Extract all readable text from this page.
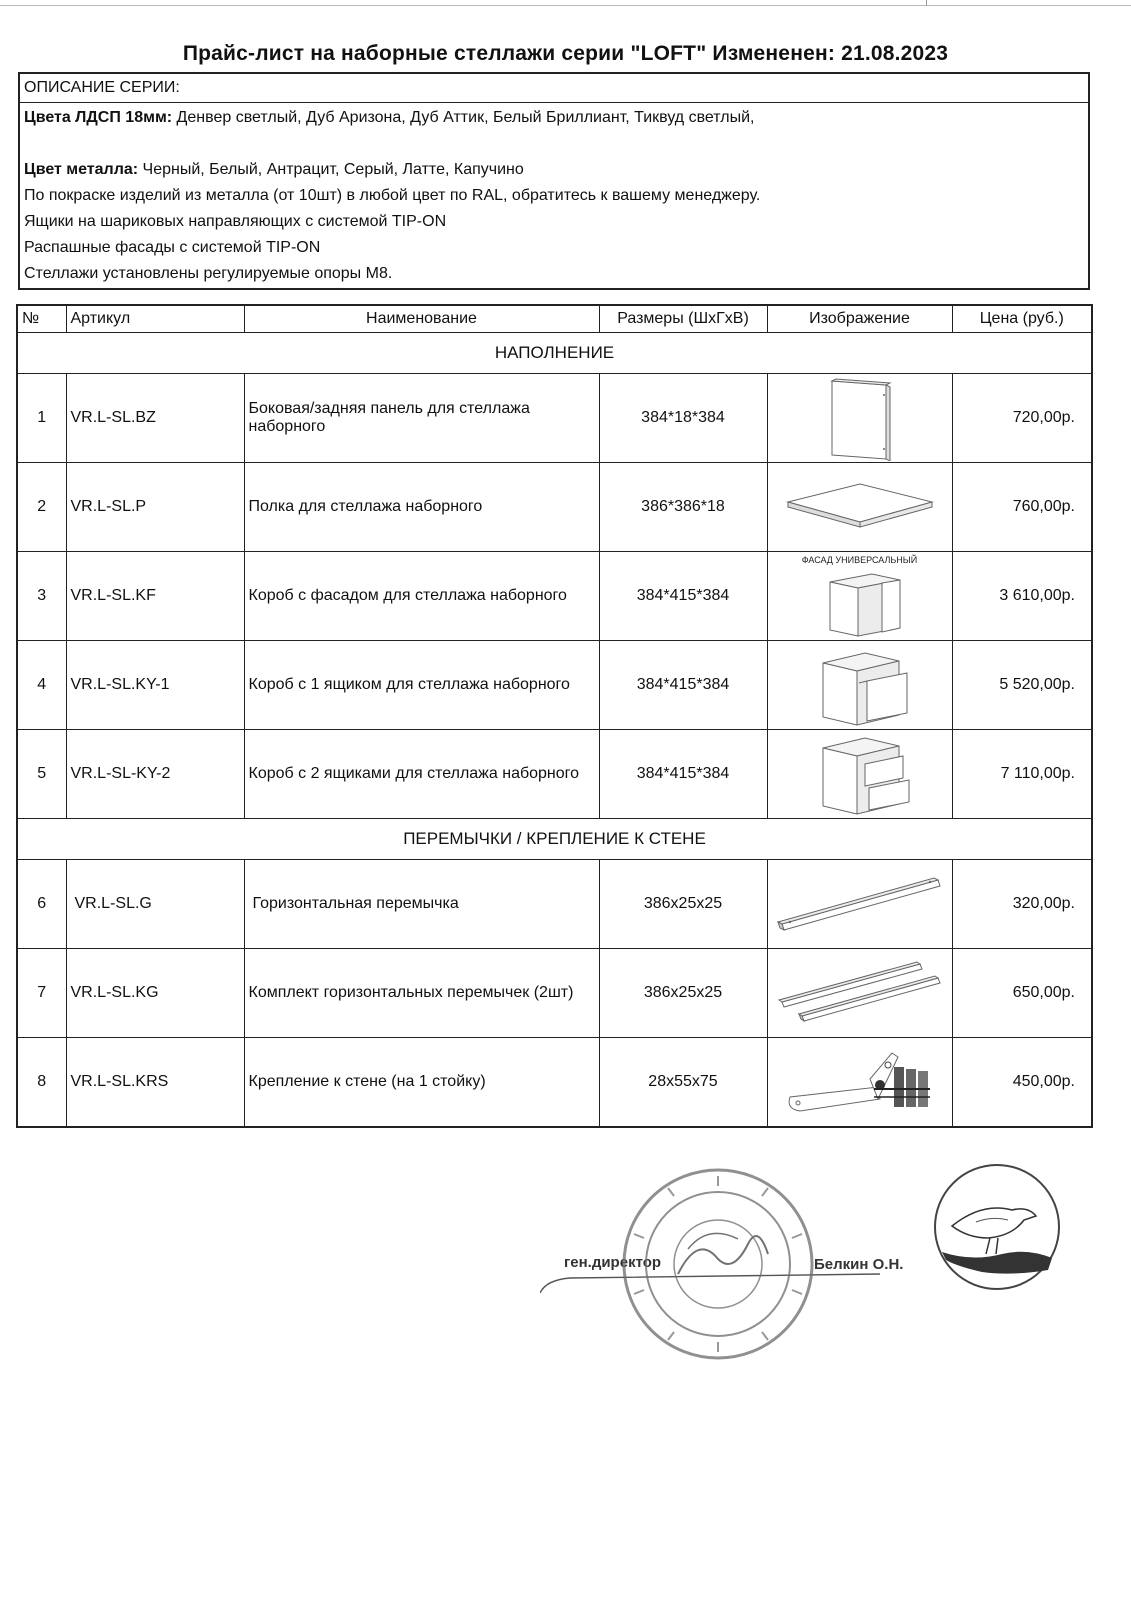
Прайс-лист на наборные стеллажи серии "LOFT" Измененен: 21.08.2023
ОПИСАНИЕ СЕРИИ:
Цвета ЛДСП 18мм: Денвер светлый, Дуб Аризона, Дуб Аттик, Белый Бриллиант, Тиквуд светлый,
Цвет металла: Черный, Белый, Антрацит, Серый, Латте, Капучино
По покраске изделий из металла (от 10шт) в любой цвет по RAL, обратитесь к вашему менеджеру.
Ящики на шариковых направляющих с системой TIP-ON
Распашные фасады с системой TIP-ON
Стеллажи установлены регулируемые опоры М8.
№	Артикул	Наименование	Размеры (ШхГхВ)	Изображение	Цена (руб.)
НАПОЛНЕНИЕ					
1	VR.L-SL.BZ	Боковая/задняя панель для стеллажа наборного	384*18*384		720,00р.
2	VR.L-SL.P	Полка для стеллажа наборного	386*386*18		760,00р.
3	VR.L-SL.KF	Короб с фасадом для стеллажа наборного	384*415*384	ФАСАД УНИВЕРСАЛЬНЫЙ	3 610,00р.
4	VR.L-SL.KY-1	Короб с 1 ящиком для стеллажа наборного	384*415*384		5 520,00р.
5	VR.L-SL-KY-2	Короб с 2 ящиками для стеллажа наборного	384*415*384		7 110,00р.
ПЕРЕМЫЧКИ / КРЕПЛЕНИЕ К СТЕНЕ					
6	VR.L-SL.G	Горизонтальная перемычка	386x25x25		320,00р.
7	VR.L-SL.KG	Комплект горизонтальных перемычек (2шт)	386x25x25		650,00р.
8	VR.L-SL.KRS	Крепление к стене (на 1 стойку)	28x55x75		450,00р.
ген.директор	Белкин О.Н.
